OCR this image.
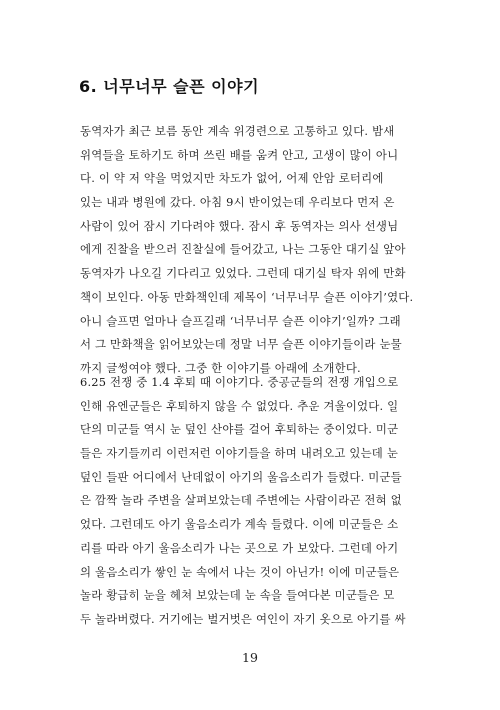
6. 너무너무 슬픈 이야기
동역자가 최근 보름 동안 계속 위경련으로 고통하고 있다. 밤새
위역들을 토하기도 하며 쓰린 배를 움켜 안고, 고생이 많이 아니
다. 이 약 저 약을 먹었지만 차도가 없어, 어제 안암 로터리에
있는 내과 병원에 갔다. 아침 9시 반이었는데 우리보다 먼저 온
사람이 있어 잠시 기다려야 했다. 잠시 후 동역자는 의사 선생님
에게 진찰을 받으러 진찰실에 들어갔고, 나는 그동안 대기실 앞아
동역자가 나오길 기다리고 있었다. 그런데 대기실 탁자 위에 만화
책이 보인다. 아동 만화책인데 제목이 ‘너무너무 슬픈 이야기’였다.
아니 슬프면 얼마나 슬프길래 ‘너무너무 슬픈 이야기’일까? 그래
서 그 만화책을 읽어보았는데 정말 너무 슬픈 이야기들이라 눈물
까지 글썽여야 했다. 그중 한 이야기를 아래에 소개한다.
6.25 전쟁 중 1.4 후퇴 때 이야기다. 중공군들의 전쟁 개입으로
인해 유엔군들은 후퇴하지 않을 수 없었다. 추운 겨울이었다. 일
단의 미군들 역시 눈 덮인 산야를 걸어 후퇴하는 중이었다. 미군
들은 자기들끼리 이런저런 이야기들을 하며 내려오고 있는데 눈
덮인 들판 어디에서 난데없이 아기의 울음소리가 들렸다. 미군들
은 깜짝 놀라 주변을 살펴보았는데 주변에는 사람이라곤 전혀 없
었다. 그런데도 아기 울음소리가 계속 들렸다. 이에 미군들은 소
리를 따라 아기 울음소리가 나는 곳으로 가 보았다. 그런데 아기
의 울음소리가 쌓인 눈 속에서 나는 것이 아닌가! 이에 미군들은
놀라 황급히 눈을 헤쳐 보았는데 눈 속을 들여다본 미군들은 모
두 놀라버렸다. 거기에는 벌거벗은 여인이 자기 옷으로 아기를 싸
19
